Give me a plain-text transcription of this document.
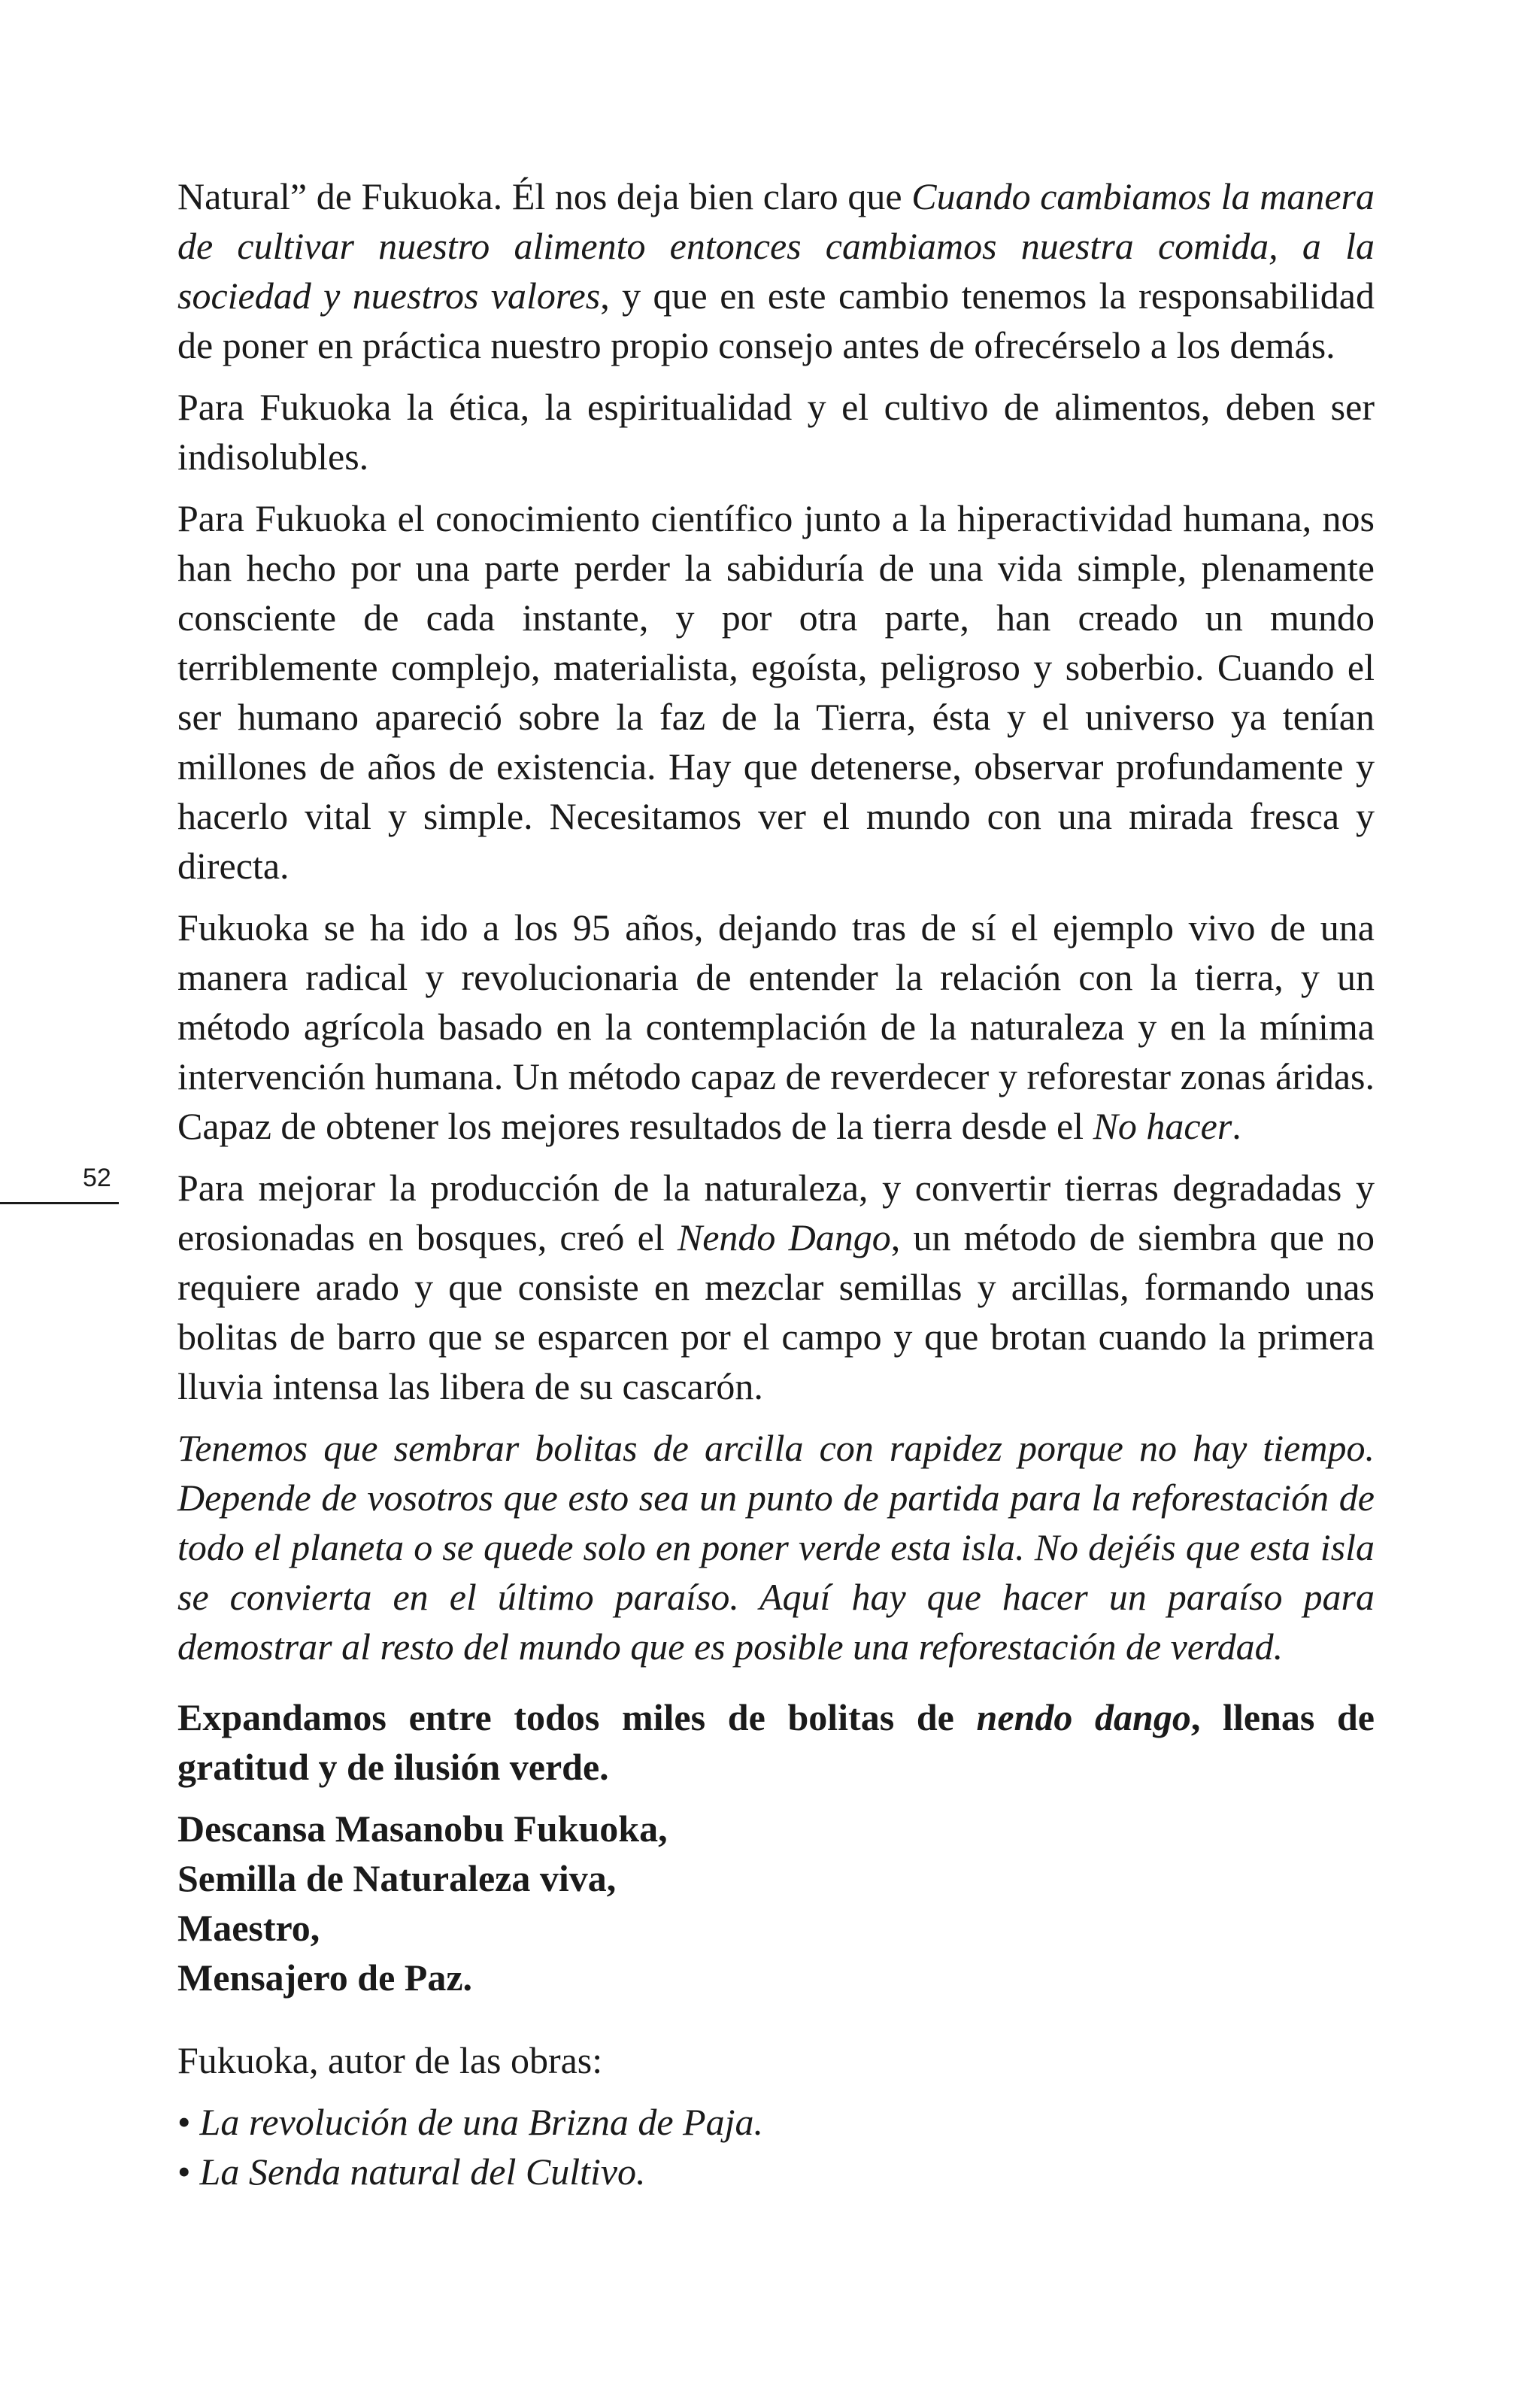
Natural” de Fukuoka. Él nos deja bien claro que Cuando cambiamos la manera de cultivar nuestro alimento entonces cambiamos nuestra comida, a la sociedad y nuestros valores, y que en este cambio tenemos la responsabilidad de poner en práctica nuestro propio consejo antes de ofrecérselo a los demás.

Para Fukuoka la ética, la espiritualidad y el cultivo de alimentos, deben ser indisolubles.

Para Fukuoka el conocimiento científico junto a la hiperactividad humana, nos han hecho por una parte perder la sabiduría de una vida simple, plenamente consciente de cada instante, y por otra parte, han creado un mundo terriblemente complejo, materialista, egoísta, peligroso y soberbio. Cuando el ser humano apareció sobre la faz de la Tierra, ésta y el universo ya tenían millones de años de existencia. Hay que detenerse, observar profundamente y hacerlo vital y simple. Necesitamos ver el mundo con una mirada fresca y directa.

Fukuoka se ha ido a los 95 años, dejando tras de sí el ejemplo vivo de una manera radical y revolucionaria de entender la relación con la tierra, y un método agrícola basado en la contemplación de la naturaleza y en la mínima intervención humana. Un método capaz de reverdecer y reforestar zonas áridas. Capaz de obtener los mejores resultados de la tierra desde el No hacer.

Para mejorar la producción de la naturaleza, y convertir tierras degradadas y erosionadas en bosques, creó el Nendo Dango, un método de siembra que no requiere arado y que consiste en mezclar semillas y arcillas, formando unas bolitas de barro que se esparcen por el campo y que brotan cuando la primera lluvia intensa las libera de su cascarón.

Tenemos que sembrar bolitas de arcilla con rapidez porque no hay tiempo. Depende de vosotros que esto sea un punto de partida para la reforestación de todo el planeta o se quede solo en poner verde esta isla. No dejéis que esta isla se convierta en el último paraíso. Aquí hay que hacer un paraíso para demostrar al resto del mundo que es posible una reforestación de verdad.

Expandamos entre todos miles de bolitas de nendo dango, llenas de gratitud y de ilusión verde.

Descansa Masanobu Fukuoka,
Semilla de Naturaleza viva,
Maestro,
Mensajero de Paz.

Fukuoka, autor de las obras:

• La revolución de una Brizna de Paja.
• La Senda natural del Cultivo.
52
